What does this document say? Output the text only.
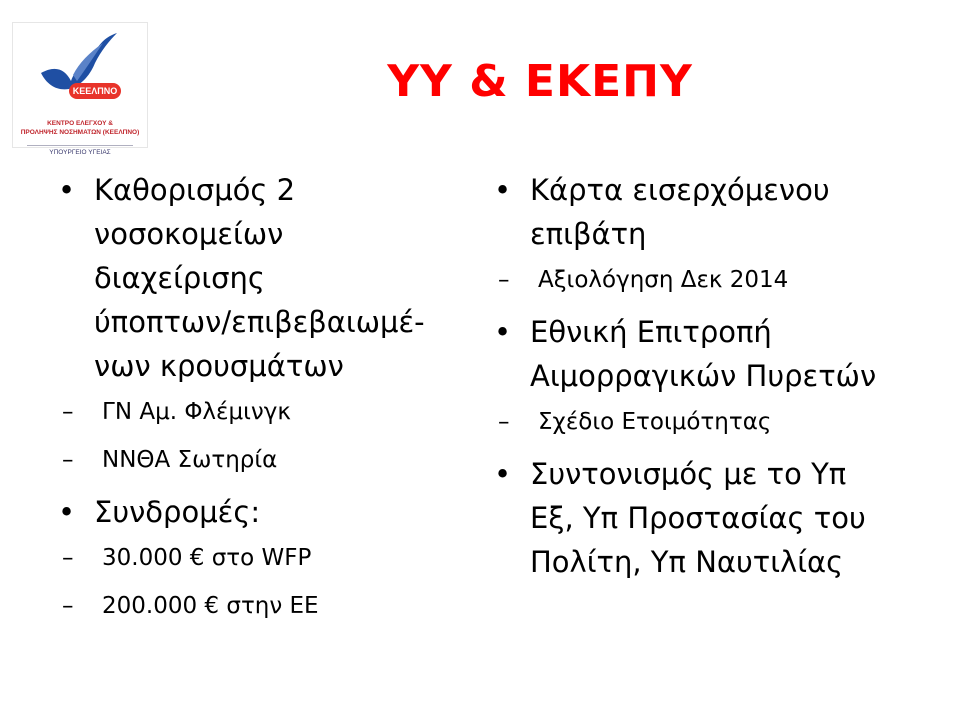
ΚΕΕΛΠΝΟ
ΚΕΝΤΡΟ ΕΛΕΓΧΟΥ &
ΠΡΟΛΗΨΗΣ ΝΟΣΗΜΑΤΩΝ (ΚΕΕΛΠΝΟ)
ΥΠΟΥΡΓΕΙΟ ΥΓΕΙΑΣ
ΥΥ & ΕΚΕΠΥ
• Καθορισμός 2
νοσοκομείων
διαχείρισης
ύποπτων/επιβεβαιωμέ-
νων κρουσμάτων
– ΓΝ Αμ. Φλέμινγκ
– ΝΝΘΑ Σωτηρία
• Συνδρομές:
– 30.000 € στο WFP
– 200.000 € στην ΕΕ
• Κάρτα εισερχόμενου
επιβάτη
– Αξιολόγηση Δεκ 2014
• Εθνική Επιτροπή
Αιμορραγικών Πυρετών
– Σχέδιο Ετοιμότητας
• Συντονισμός με το Υπ
Εξ, Υπ Προστασίας του
Πολίτη, Υπ Ναυτιλίας
